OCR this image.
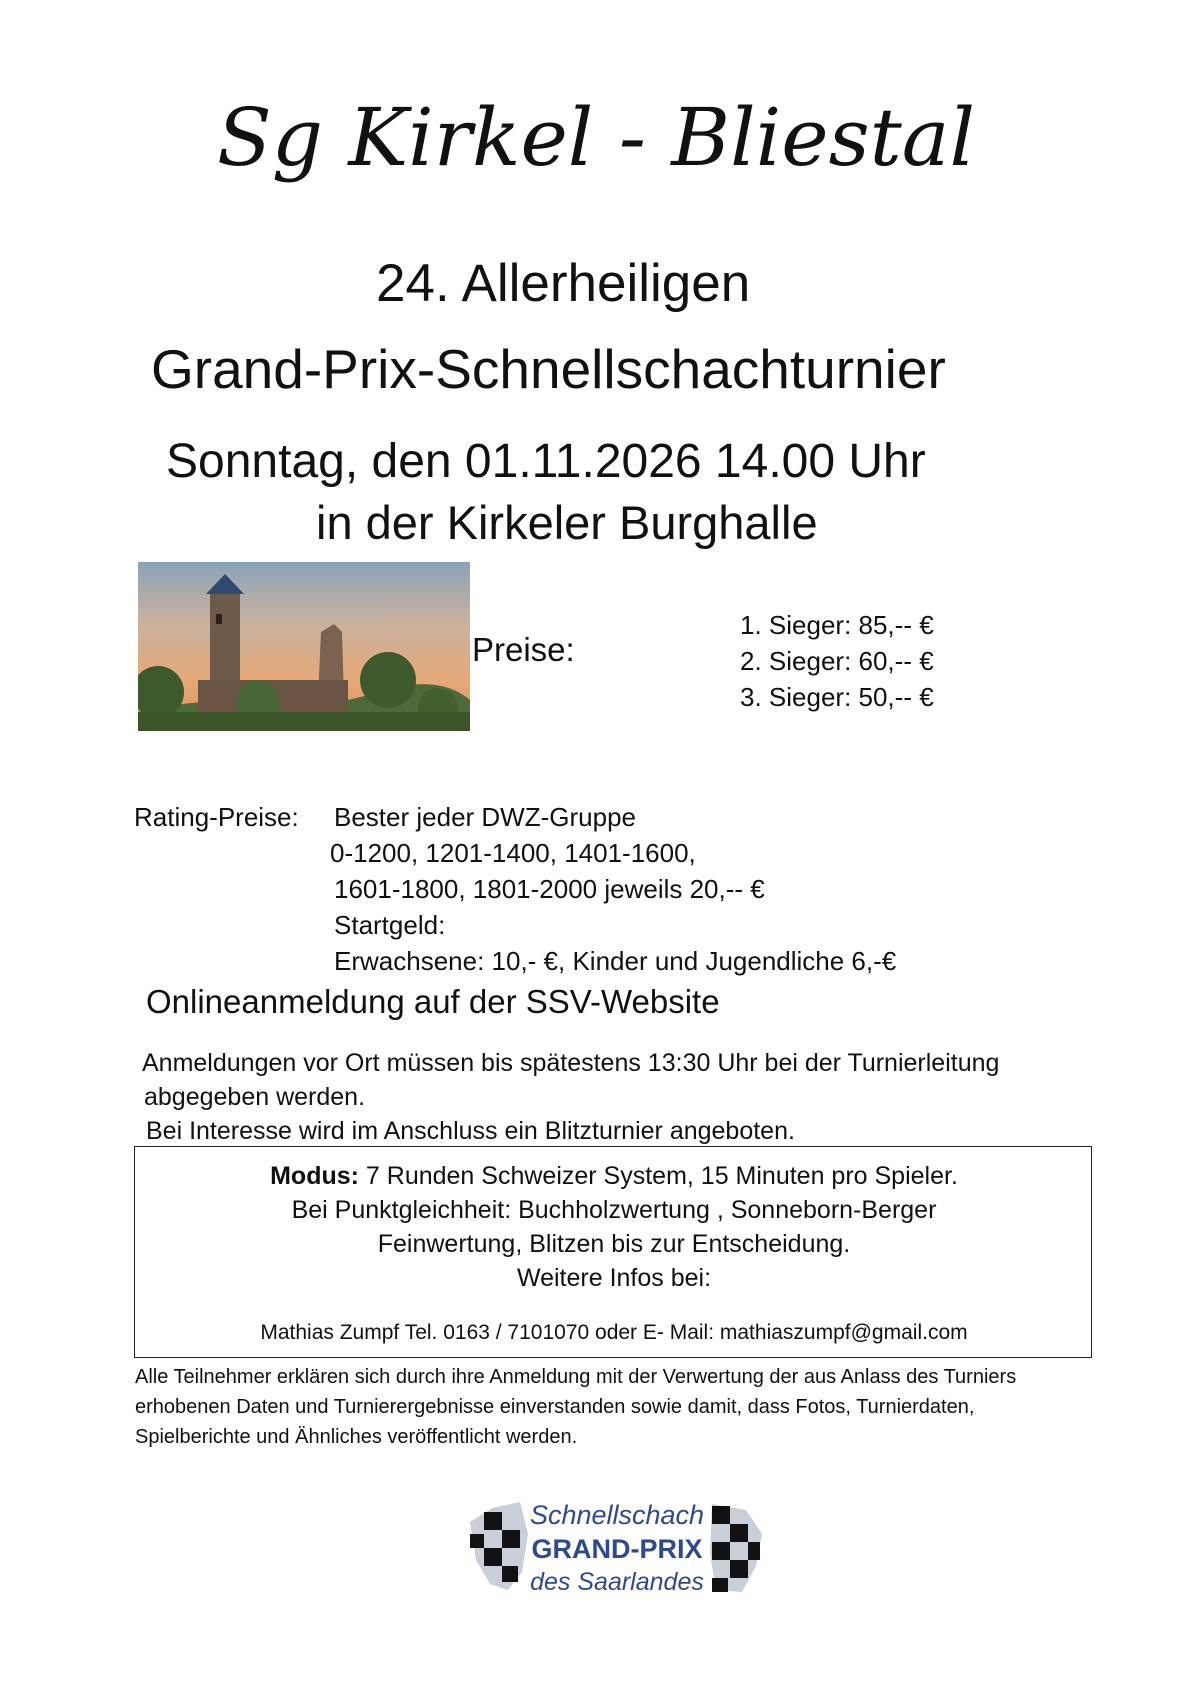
Sg Kirkel - Bliestal
24. Allerheiligen
Grand-Prix-Schnellschachturnier
Sonntag, den 01.11.2026 14.00 Uhr
in der Kirkeler Burghalle
Preise:
1. Sieger: 85,-- €
2. Sieger: 60,-- €
3. Sieger: 50,-- €
Rating-Preise: Bester jeder DWZ-Gruppe
0-1200, 1201-1400, 1401-1600,
1601-1800, 1801-2000 jeweils 20,-- €
Startgeld:
Erwachsene: 10,- €, Kinder und Jugendliche 6,-€
Onlineanmeldung auf der SSV-Website
Anmeldungen vor Ort müssen bis spätestens 13:30 Uhr bei der Turnierleitung
abgegeben werden.
Bei Interesse wird im Anschluss ein Blitzturnier angeboten.
Modus: 7 Runden Schweizer System, 15 Minuten pro Spieler.
Bei Punktgleichheit: Buchholzwertung , Sonneborn-Berger
Feinwertung, Blitzen bis zur Entscheidung.
Weitere Infos bei:
Mathias Zumpf Tel. 0163 / 7101070 oder E- Mail: mathiaszumpf@gmail.com
Alle Teilnehmer erklären sich durch ihre Anmeldung mit der Verwertung der aus Anlass des Turniers
erhobenen Daten und Turnierergebnisse einverstanden sowie damit, dass Fotos, Turnierdaten,
Spielberichte und Ähnliches veröffentlicht werden.
Schnellschach
GRAND-PRIX
des Saarlandes
